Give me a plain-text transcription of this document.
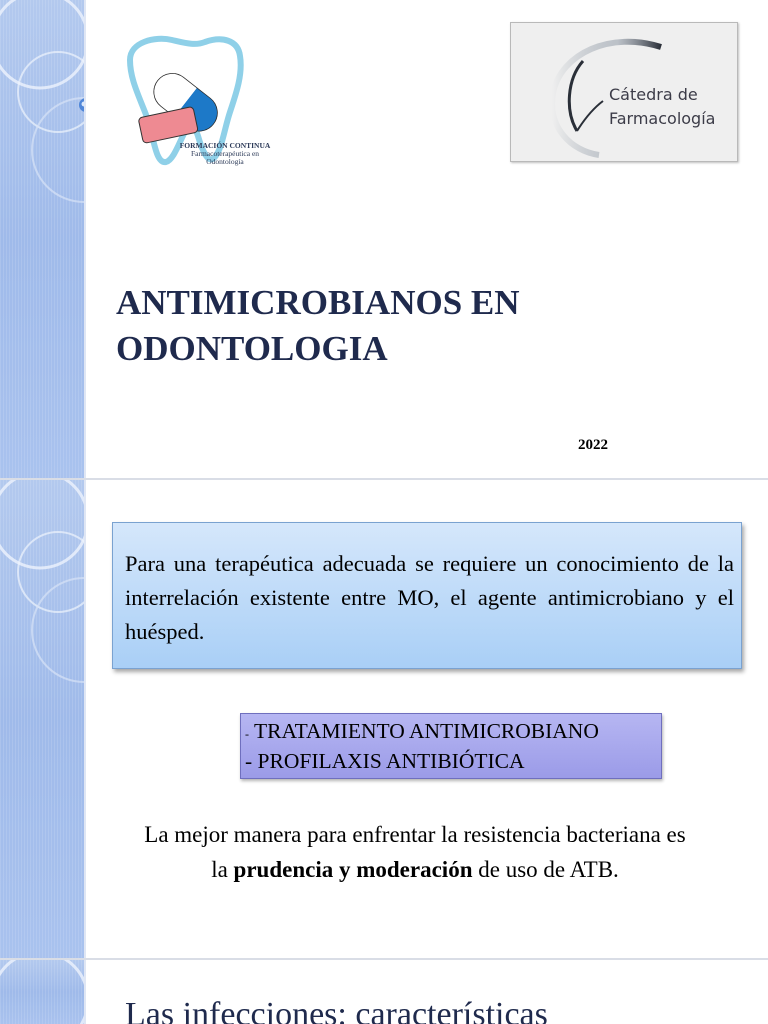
FORMACIÓN CONTINUA
Farmacoterapéutica en
Odontología
Cátedra de
Farmacología
ANTIMICROBIANOS EN
ODONTOLOGIA
2022

Para una terapéutica adecuada se requiere un conocimiento de la interrelación existente entre MO, el agente antimicrobiano y el huésped.

- TRATAMIENTO ANTIMICROBIANO
- PROFILAXIS ANTIBIÓTICA
La mejor manera para enfrentar la resistencia bacteriana es la prudencia y moderación de uso de ATB.
Las infecciones: características
